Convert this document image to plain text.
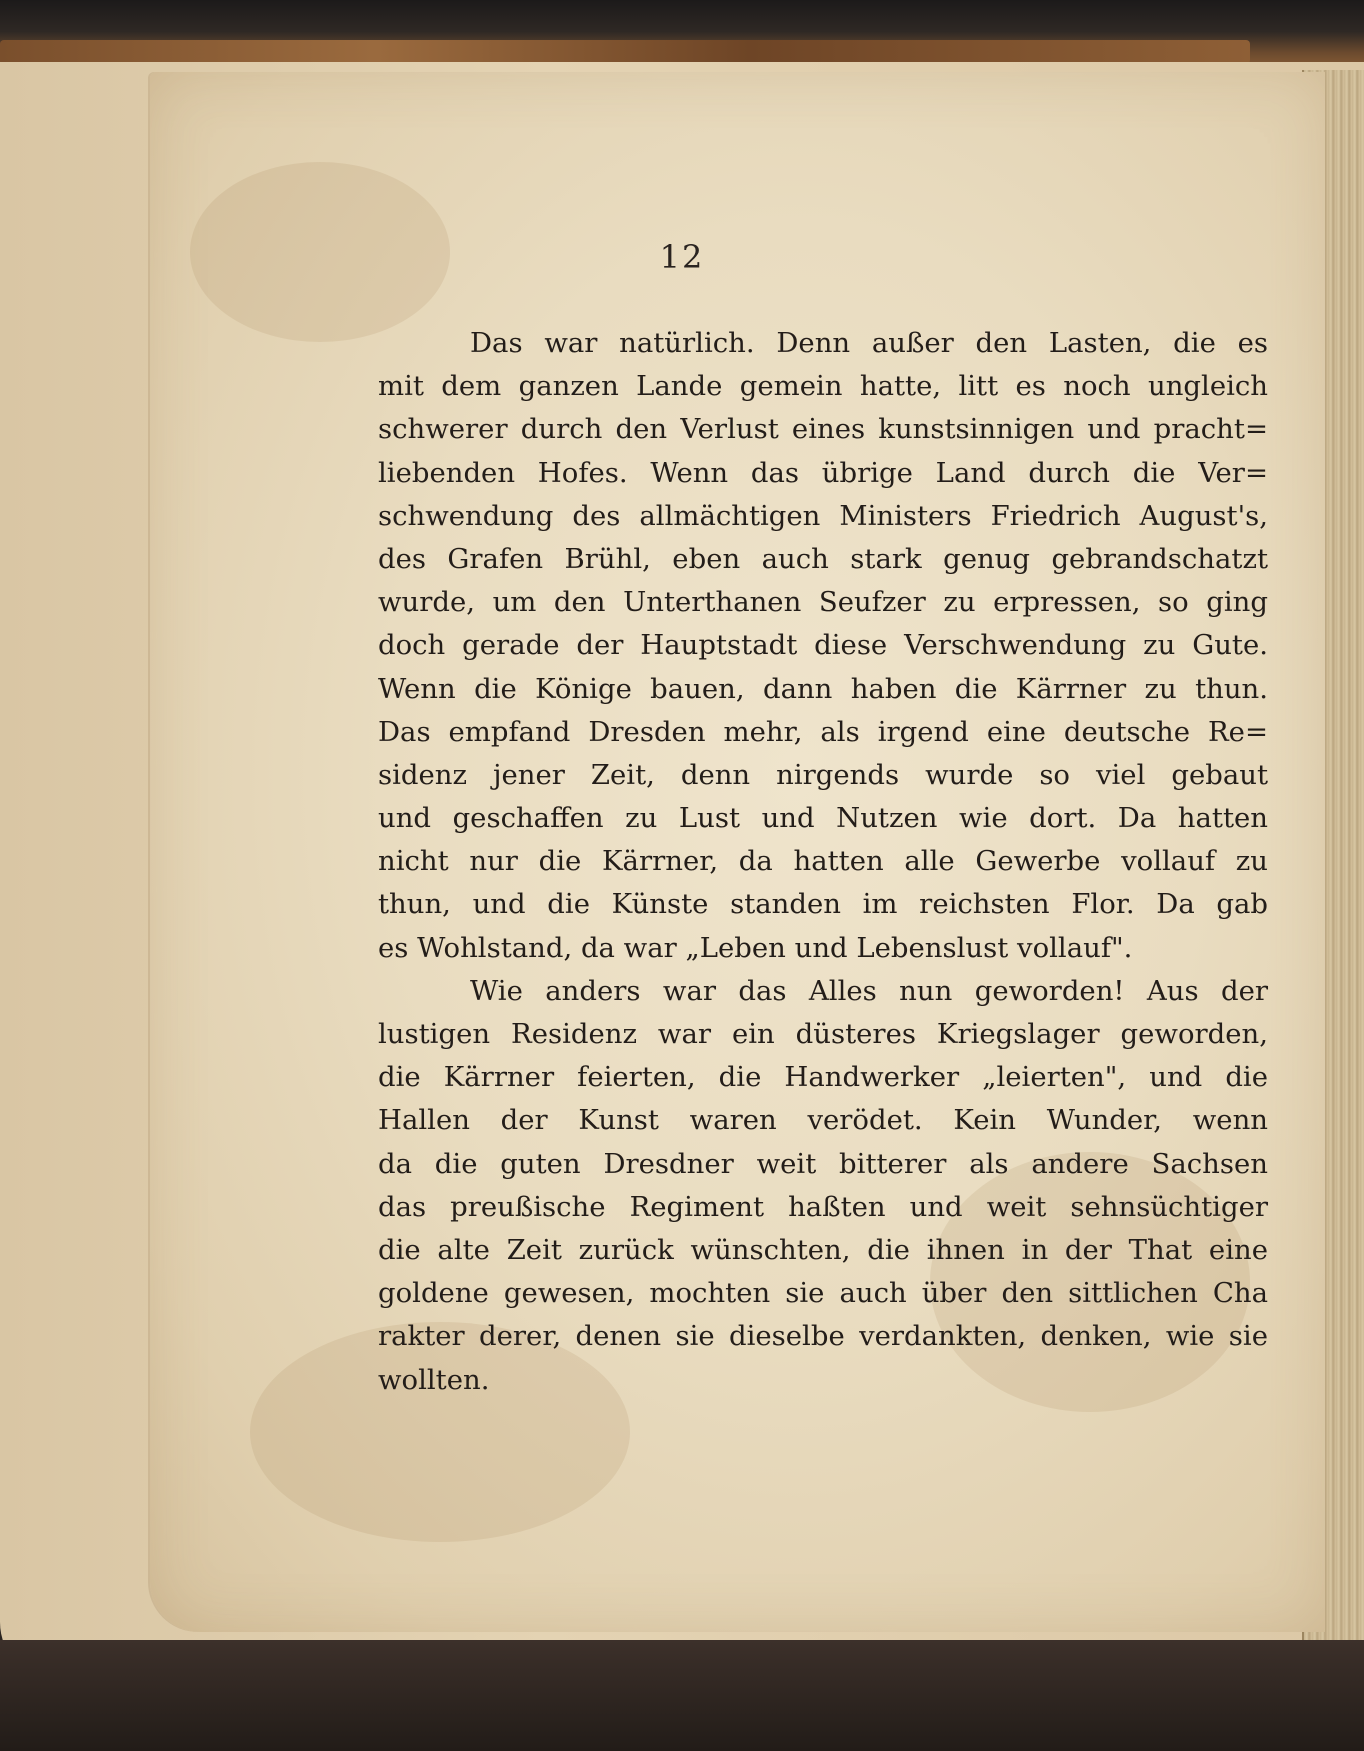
12
Das war natürlich. Denn außer den Lasten, die es
mit dem ganzen Lande gemein hatte, litt es noch ungleich
schwerer durch den Verlust eines kunstsinnigen und pracht=
liebenden Hofes. Wenn das übrige Land durch die Ver=
schwendung des allmächtigen Ministers Friedrich August's,
des Grafen Brühl, eben auch stark genug gebrandschatzt
wurde, um den Unterthanen Seufzer zu erpressen, so ging
doch gerade der Hauptstadt diese Verschwendung zu Gute.
Wenn die Könige bauen, dann haben die Kärrner zu thun.
Das empfand Dresden mehr, als irgend eine deutsche Re=
sidenz jener Zeit, denn nirgends wurde so viel gebaut
und geschaffen zu Lust und Nutzen wie dort. Da hatten
nicht nur die Kärrner, da hatten alle Gewerbe vollauf zu
thun, und die Künste standen im reichsten Flor. Da gab
es Wohlstand, da war „Leben und Lebenslust vollauf".
Wie anders war das Alles nun geworden! Aus der
lustigen Residenz war ein düsteres Kriegslager geworden,
die Kärrner feierten, die Handwerker „leierten", und die
Hallen der Kunst waren verödet. Kein Wunder, wenn
da die guten Dresdner weit bitterer als andere Sachsen
das preußische Regiment haßten und weit sehnsüchtiger
die alte Zeit zurück wünschten, die ihnen in der That eine
goldene gewesen, mochten sie auch über den sittlichen Cha
rakter derer, denen sie dieselbe verdankten, denken, wie sie
wollten.
